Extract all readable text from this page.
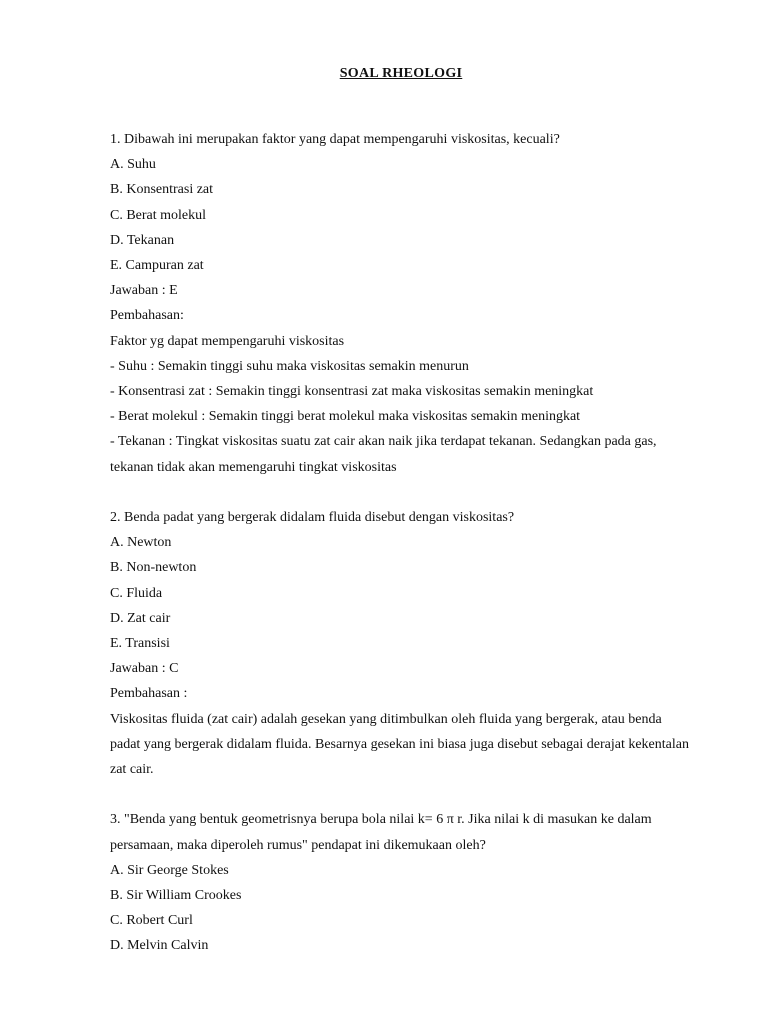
SOAL RHEOLOGI

1. Dibawah ini merupakan faktor yang dapat mempengaruhi viskositas, kecuali?

A. Suhu

B. Konsentrasi zat

C. Berat molekul

D. Tekanan

E. Campuran zat

Jawaban : E

Pembahasan:

Faktor yg dapat mempengaruhi viskositas

- Suhu : Semakin tinggi suhu maka viskositas semakin menurun

- Konsentrasi zat : Semakin tinggi konsentrasi zat maka viskositas semakin meningkat

- Berat molekul : Semakin tinggi berat molekul maka viskositas semakin meningkat

- Tekanan : Tingkat viskositas suatu zat cair akan naik jika terdapat tekanan. Sedangkan pada gas, tekanan tidak akan memengaruhi tingkat viskositas

2. Benda padat yang bergerak didalam fluida disebut dengan viskositas?

A. Newton

B. Non-newton

C. Fluida

D. Zat cair

E. Transisi

Jawaban : C

Pembahasan :

Viskositas fluida (zat cair) adalah gesekan yang ditimbulkan oleh fluida yang bergerak, atau benda padat yang bergerak didalam fluida. Besarnya gesekan ini biasa juga disebut sebagai derajat kekentalan zat cair.

3. "Benda yang bentuk geometrisnya berupa bola nilai k= 6 π r. Jika nilai k di masukan ke dalam persamaan, maka diperoleh rumus" pendapat ini dikemukaan oleh?

A. Sir George Stokes

B. Sir William Crookes

C. Robert Curl

D. Melvin Calvin
